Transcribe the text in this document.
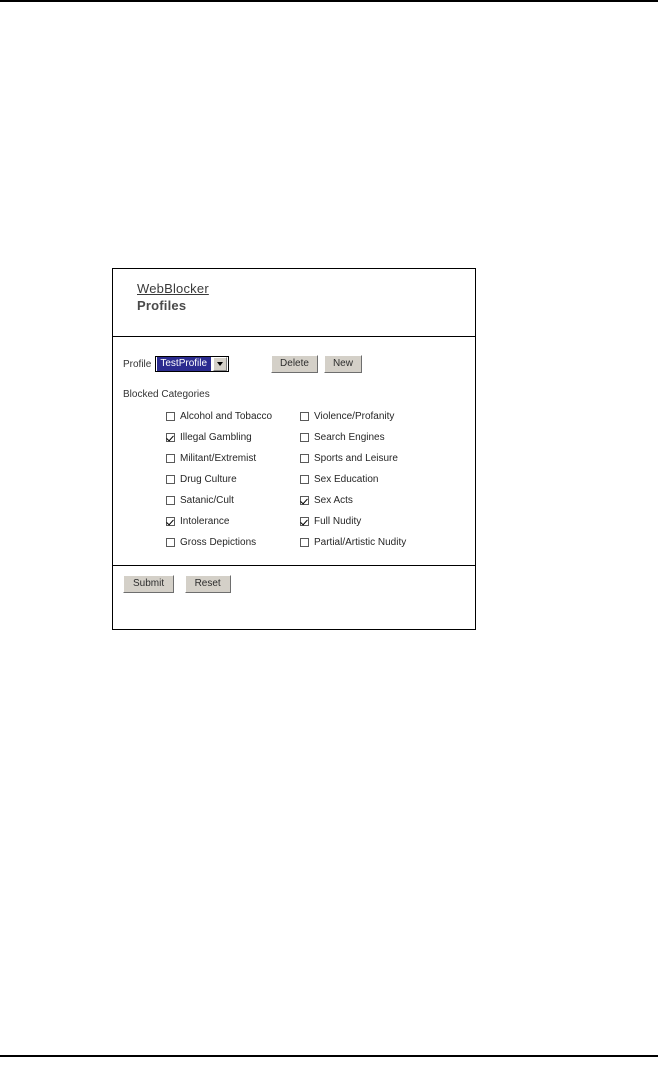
WebBlocker
Profiles
Profile TestProfile	Delete	New
Blocked Categories
Alcohol and Tobacco
Illegal Gambling
Militant/Extremist
Drug Culture
Satanic/Cult
Intolerance
Gross Depictions
Violence/Profanity
Search Engines
Sports and Leisure
Sex Education
Sex Acts
Full Nudity
Partial/Artistic Nudity
Submit	Reset
